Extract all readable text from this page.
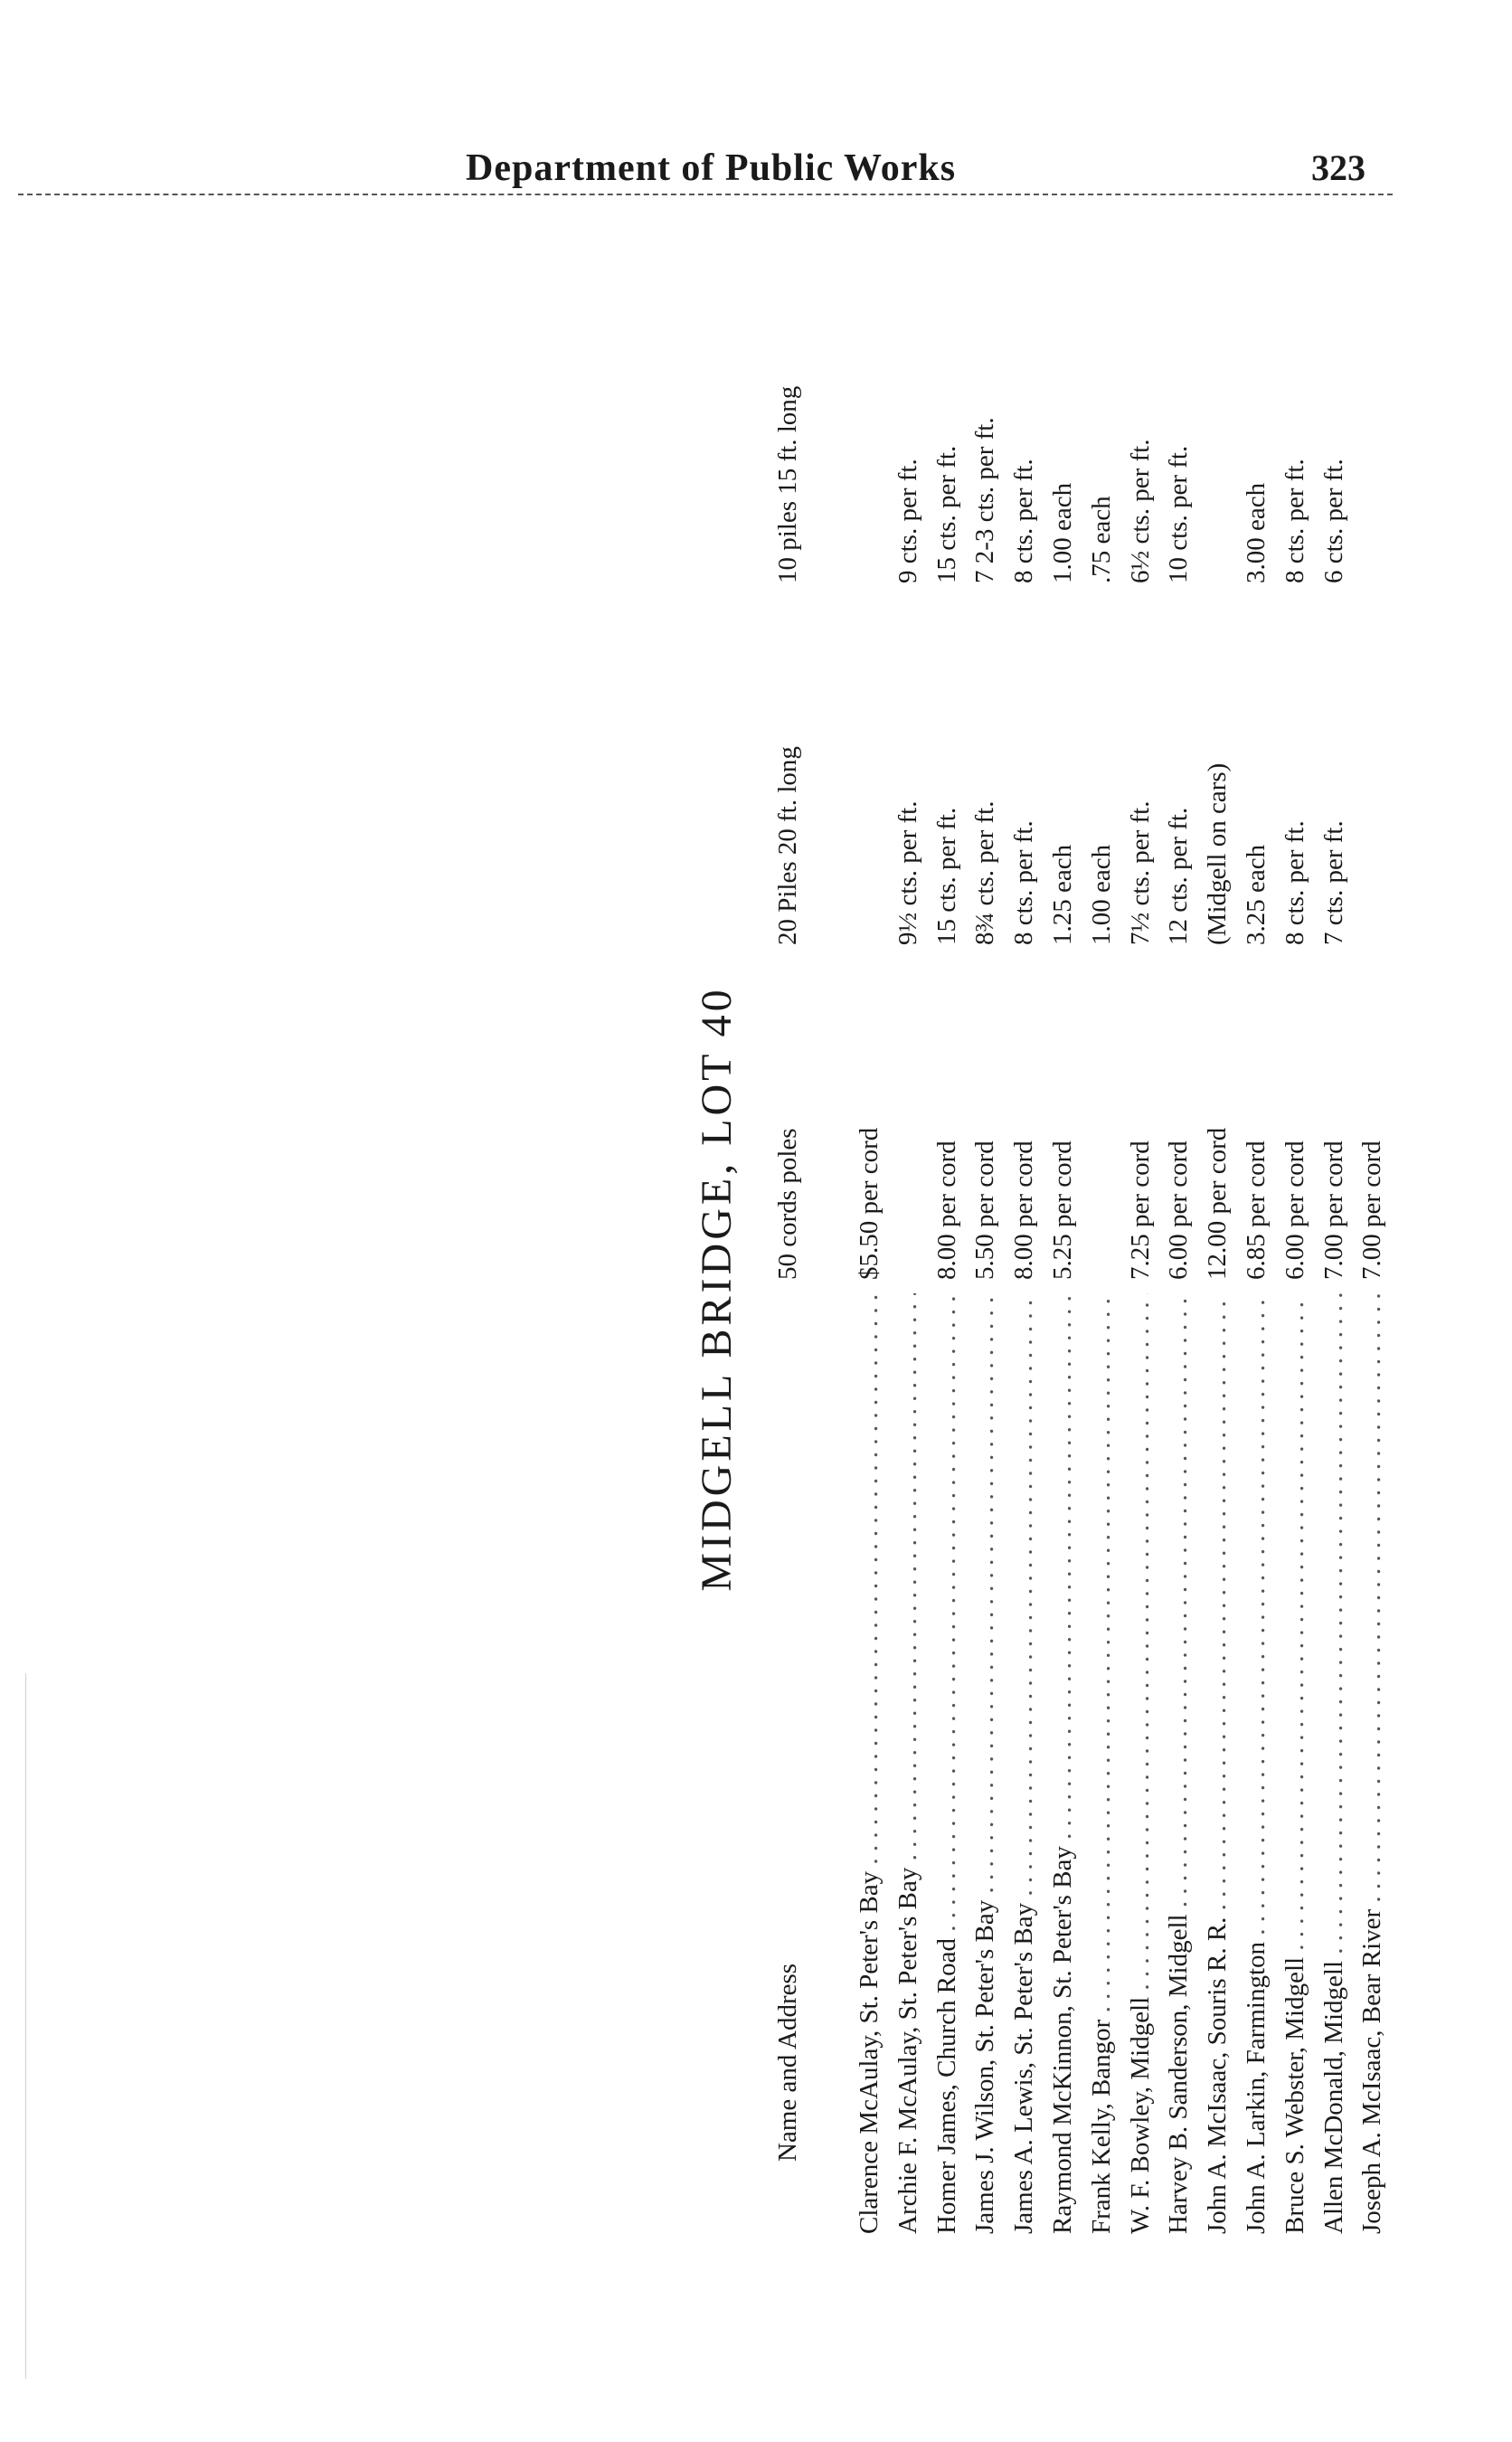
Department of Public Works	323
MIDGELL BRIDGE, LOT 40
Name and Address
50 cords poles
20 Piles 20 ft. long
10 piles 15 ft. long
Clarence McAulay, St. Peter's Bay . . .
$5.50 per cord
Archie F. McAulay, St. Peter's Bay . . .
9½ cts. per ft.
9 cts. per ft.
Homer James, Church Road . . .
8.00 per cord
15 cts. per ft.
15 cts. per ft.
James J. Wilson, St. Peter's Bay . . .
5.50 per cord
8¾ cts. per ft.
7 2-3 cts. per ft.
James A. Lewis, St. Peter's Bay . . .
8.00 per cord
8 cts. per ft.
8 cts. per ft.
Raymond McKinnon, St. Peter's Bay . . .
5.25 per cord
1.25 each
1.00 each
Frank Kelly, Bangor . . .
1.00 each
.75 each
W. F. Bowley, Midgell . . .
7.25 per cord
7½ cts. per ft.
6½ cts. per ft.
Harvey B. Sanderson, Midgell . . .
6.00 per cord
12 cts. per ft.
10 cts. per ft.
John A. McIsaac, Souris R. R. . . .
12.00 per cord
(Midgell on cars)
John A. Larkin, Farmington . . .
6.85 per cord
3.25 each
3.00 each
Bruce S. Webster, Midgell . . .
6.00 per cord
8 cts. per ft.
8 cts. per ft.
Allen McDonald, Midgell . . .
7.00 per cord
7 cts. per ft.
6 cts. per ft.
Joseph A. McIsaac, Bear River . . .
7.00 per cord
